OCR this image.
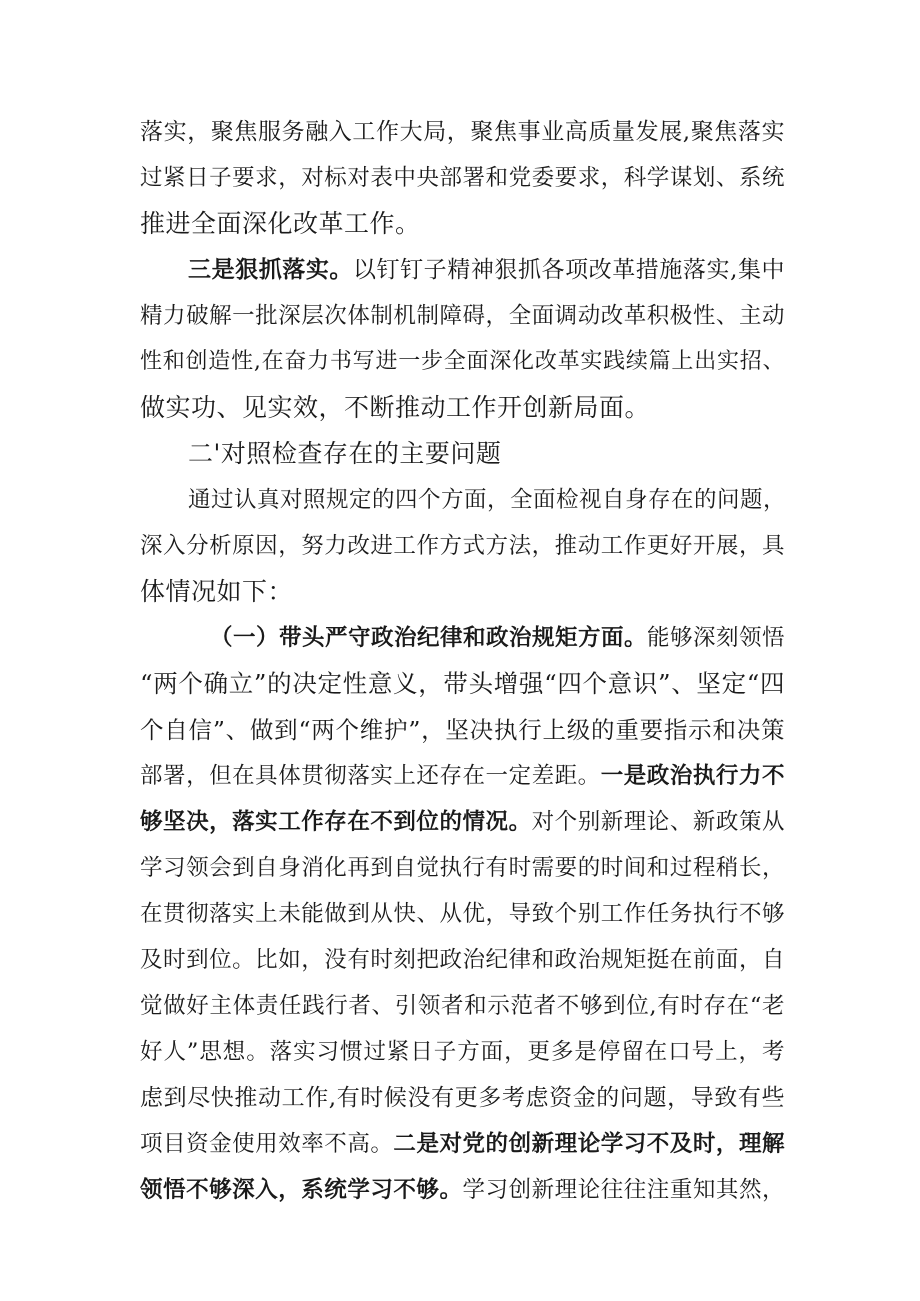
落实，聚焦服务融入工作大局，聚焦事业高质量发展,聚焦落实
过紧日子要求，对标对表中央部署和党委要求，科学谋划、系统
推进全面深化改革工作。
三是狠抓落实。以钉钉子精神狠抓各项改革措施落实,集中
精力破解一批深层次体制机制障碍，全面调动改革积极性、主动
性和创造性,在奋力书写进一步全面深化改革实践续篇上出实招、
做实功、见实效，不断推动工作开创新局面。
二'对照检查存在的主要问题
通过认真对照规定的四个方面，全面检视自身存在的问题，
深入分析原因，努力改进工作方式方法，推动工作更好开展，具
体情况如下：
（一）带头严守政治纪律和政治规矩方面。能够深刻领悟
“两个确立”的决定性意义，带头增强“四个意识”、坚定“四
个自信”、做到“两个维护”，坚决执行上级的重要指示和决策
部署，但在具体贯彻落实上还存在一定差距。一是政治执行力不
够坚决，落实工作存在不到位的情况。对个别新理论、新政策从
学习领会到自身消化再到自觉执行有时需要的时间和过程稍长，
在贯彻落实上未能做到从快、从优，导致个别工作任务执行不够
及时到位。比如，没有时刻把政治纪律和政治规矩挺在前面，自
觉做好主体责任践行者、引领者和示范者不够到位,有时存在“老
好人”思想。落实习惯过紧日子方面，更多是停留在口号上，考
虑到尽快推动工作,有时候没有更多考虑资金的问题，导致有些
项目资金使用效率不高。二是对党的创新理论学习不及时，理解
领悟不够深入，系统学习不够。学习创新理论往往注重知其然，
